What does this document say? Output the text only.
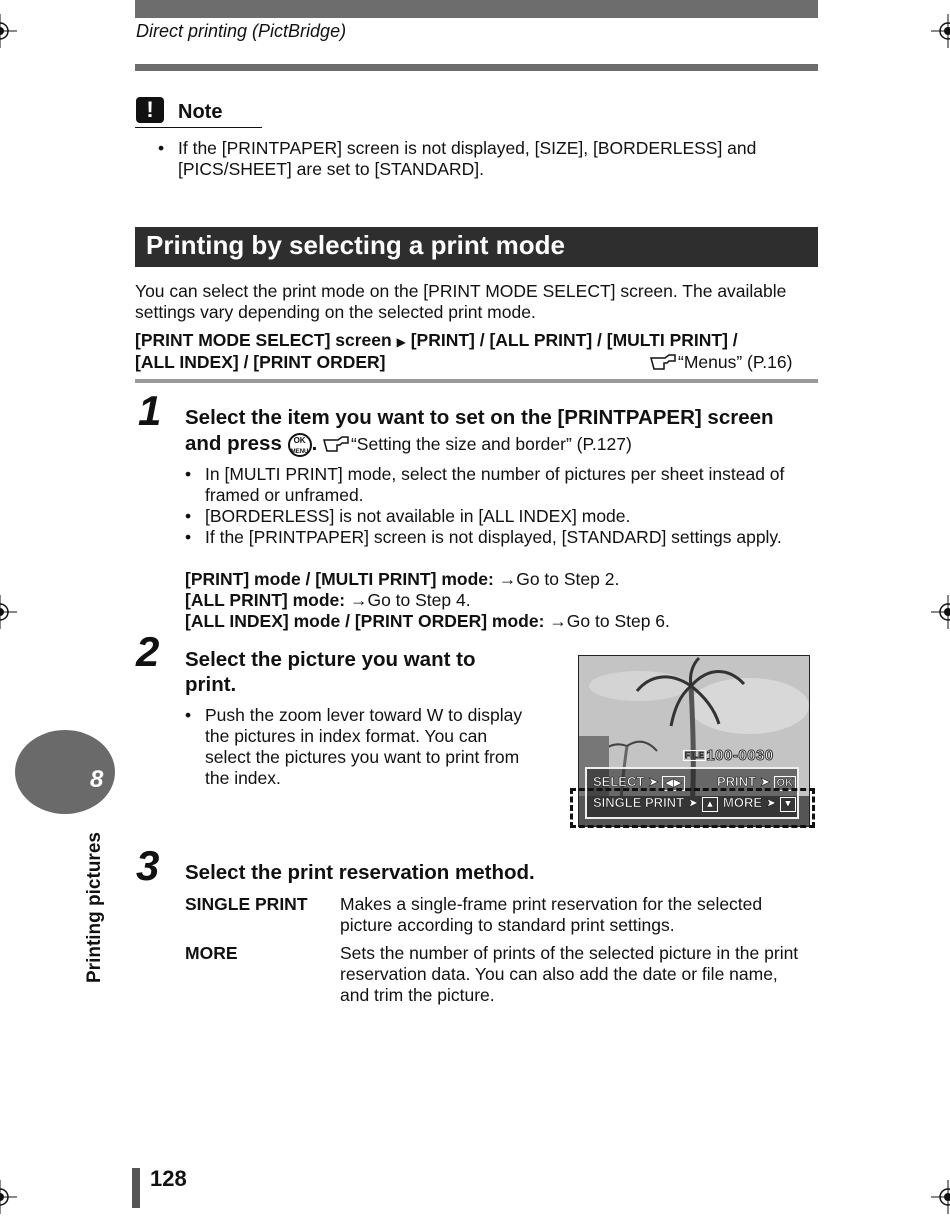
Direct printing (PictBridge)
!	Note
• If the [PRINTPAPER] screen is not displayed, [SIZE], [BORDERLESS] and
[PICS/SHEET] are set to [STANDARD].
Printing by selecting a print mode
You can select the print mode on the [PRINT MODE SELECT] screen. The available
settings vary depending on the selected print mode.
[PRINT MODE SELECT] screen ▶ [PRINT] / [ALL PRINT] / [MULTI PRINT] /
[ALL INDEX] / [PRINT ORDER]	“Menus” (P.16)
1 Select the item you want to set on the [PRINTPAPER] screen
and press OK
MENU . “Setting the size and border” (P.127)
• In [MULTI PRINT] mode, select the number of pictures per sheet instead of
framed or unframed.
• [BORDERLESS] is not available in [ALL INDEX] mode.
• If the [PRINTPAPER] screen is not displayed, [STANDARD] settings apply.
[PRINT] mode / [MULTI PRINT] mode: →Go to Step 2.
[ALL PRINT] mode: →Go to Step 4.
[ALL INDEX] mode / [PRINT ORDER] mode: →Go to Step 6.
2 Select the picture you want to
print.
• Push the zoom lever toward W to display
the pictures in index format. You can
select the pictures you want to print from
the index.
FILE 100-0030
SELECT ➤ ◀▶	PRINT ➤ OK
SINGLE PRINT ➤ ▲ MORE ➤ ▼
3 Select the print reservation method.
SINGLE PRINT Makes a single-frame print reservation for the selected
picture according to standard print settings.
MORE	Sets the number of prints of the selected picture in the print
reservation data. You can also add the date or file name,
and trim the picture.
8
Printing pictures
128
